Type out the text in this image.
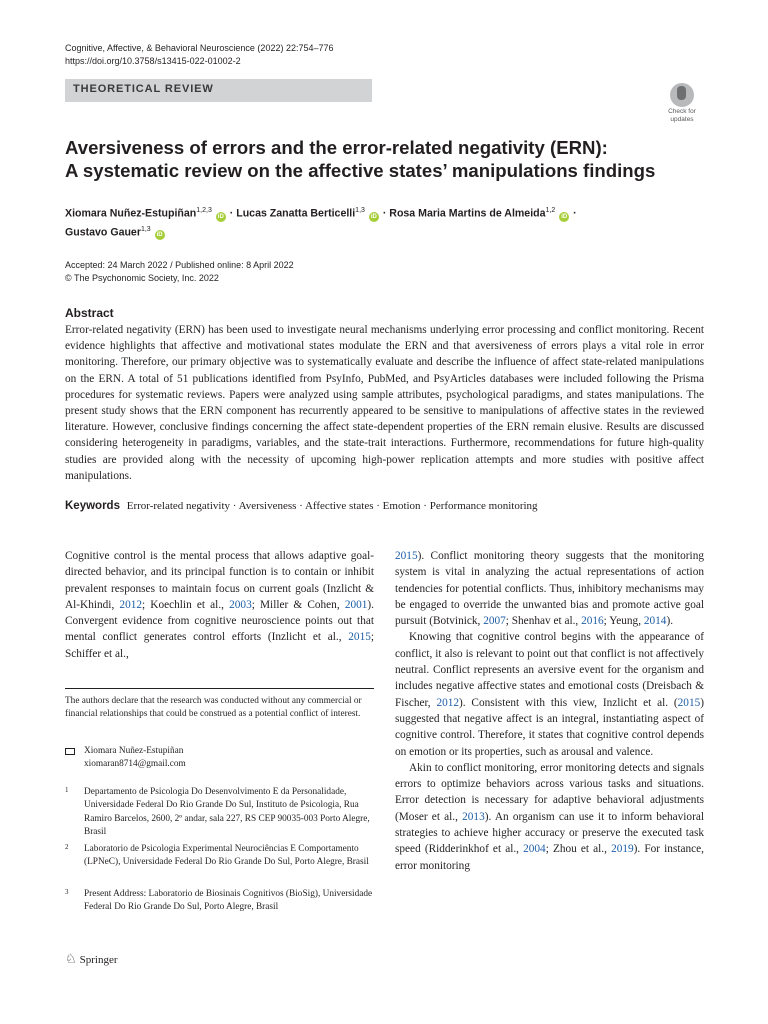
Cognitive, Affective, & Behavioral Neuroscience (2022) 22:754–776
https://doi.org/10.3758/s13415-022-01002-2
THEORETICAL REVIEW
Check for
updates
Aversiveness of errors and the error-related negativity (ERN):
A systematic review on the affective states’ manipulations findings
Xiomara Nuñez-Estupiñan$^{1,2,3}$ iD · Lucas Zanatta Berticelli$^{1,3}$ iD · Rosa Maria Martins de Almeida$^{1,2}$ iD ·
Gustavo Gauer$^{1,3}$ iD
Accepted: 24 March 2022 / Published online: 8 April 2022
© The Psychonomic Society, Inc. 2022
Abstract
Error-related negativity (ERN) has been used to investigate neural mechanisms underlying error processing and conflict monitoring. Recent evidence highlights that affective and motivational states modulate the ERN and that aversiveness of errors plays a vital role in error monitoring. Therefore, our primary objective was to systematically evaluate and describe the influence of affect state-related manipulations on the ERN. A total of 51 publications identified from PsyInfo, PubMed, and PsyArticles databases were included following the Prisma procedures for systematic reviews. Papers were analyzed using sample attributes, psychological paradigms, and states manipulations. The present study shows that the ERN component has recurrently appeared to be sensitive to manipulations of affective states in the reviewed literature. However, conclusive findings concerning the affect state-dependent properties of the ERN remain elusive. Results are discussed considering heterogeneity in paradigms, variables, and the state-trait interactions. Furthermore, recommendations for future high-quality studies are provided along with the necessity of upcoming high-power replication attempts and more studies with positive affect manipulations.
Keywords Error-related negativity · Aversiveness · Affective states · Emotion · Performance monitoring

Cognitive control is the mental process that allows adaptive goal-directed behavior, and its principal function is to contain or inhibit prevalent responses to maintain focus on current goals (Inzlicht & Al-Khindi, 2012; Koechlin et al., 2003; Miller & Cohen, 2001). Convergent evidence from cognitive neuroscience points out that mental conflict generates control efforts (Inzlicht et al., 2015; Schiffer et al.,

2015). Conflict monitoring theory suggests that the monitoring system is vital in analyzing the actual representations of action tendencies for potential conflicts. Thus, inhibitory mechanisms may be engaged to override the unwanted bias and promote active goal pursuit (Botvinick, 2007; Shenhav et al., 2016; Yeung, 2014).

Knowing that cognitive control begins with the appearance of conflict, it also is relevant to point out that conflict is not affectively neutral. Conflict represents an aversive event for the organism and includes negative affective states and emotional costs (Dreisbach & Fischer, 2012). Consistent with this view, Inzlicht et al. (2015) suggested that negative affect is an integral, instantiating aspect of cognitive control. Therefore, it states that cognitive control depends on emotion or its properties, such as arousal and valence.

Akin to conflict monitoring, error monitoring detects and signals errors to optimize behaviors across various tasks and situations. Error detection is necessary for adaptive behavioral adjustments (Moser et al., 2013). An organism can use it to inform behavioral strategies to achieve higher accuracy or preserve the executed task speed (Ridderinkhof et al., 2004; Zhou et al., 2019). For instance, error monitoring

The authors declare that the research was conducted without any commercial or financial relationships that could be construed as a potential conflict of interest.
Xiomara Nuñez-Estupiñan
xiomaran8714@gmail.com
1 Departamento de Psicologia Do Desenvolvimento E da Personalidade, Universidade Federal Do Rio Grande Do Sul, Instituto de Psicologia, Rua Ramiro Barcelos, 2600, 2º andar, sala 227, RS CEP 90035-003 Porto Alegre, Brasil
2 Laboratorio de Psicologia Experimental Neurociências E Comportamento (LPNeC), Universidade Federal Do Rio Grande Do Sul, Porto Alegre, Brasil
3 Present Address: Laboratorio de Biosinais Cognitivos (BioSig), Universidade Federal Do Rio Grande Do Sul, Porto Alegre, Brasil
♘ Springer
